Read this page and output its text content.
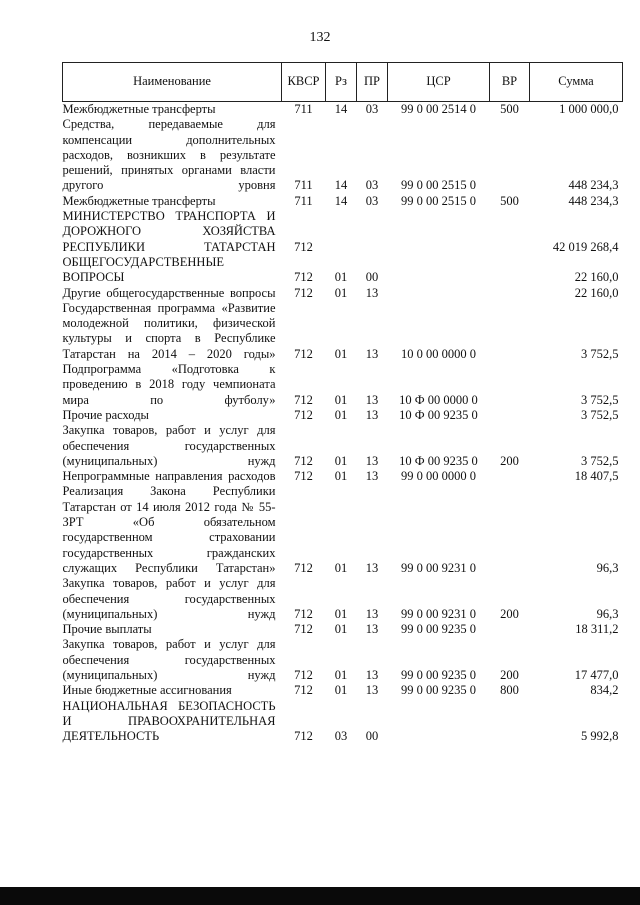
132
Наименование	КВСР	Рз	ПР	ЦСР	ВР	Сумма
Межбюджетные трансферты	711	14	03	99 0 00 2514 0	500	1 000 000,0
Средства, передаваемые для компенсации дополнительных расходов, возникших в результате решений, принятых органами власти другого уровня	711	14	03	99 0 00 2515 0		448 234,3
Межбюджетные трансферты	711	14	03	99 0 00 2515 0	500	448 234,3
МИНИСТЕРСТВО ТРАНСПОРТА И ДОРОЖНОГО ХОЗЯЙСТВА РЕСПУБЛИКИ ТАТАРСТАН	712					42 019 268,4
ОБЩЕГОСУДАРСТВЕННЫЕ ВОПРОСЫ	712	01	00			22 160,0
Другие общегосударственные вопросы	712	01	13			22 160,0
Государственная программа «Развитие молодежной политики, физической культуры и спорта в Республике Татарстан на 2014 – 2020 годы»	712	01	13	10 0 00 0000 0		3 752,5
Подпрограмма «Подготовка к проведению в 2018 году чемпионата мира по футболу»	712	01	13	10 Ф 00 0000 0		3 752,5
Прочие расходы	712	01	13	10 Ф 00 9235 0		3 752,5
Закупка товаров, работ и услуг для обеспечения государственных (муниципальных) нужд	712	01	13	10 Ф 00 9235 0	200	3 752,5
Непрограммные направления расходов	712	01	13	99 0 00 0000 0		18 407,5
Реализация Закона Республики Татарстан от 14 июля 2012 года № 55-ЗРТ «Об обязательном государственном страховании государственных гражданских служащих Республики Татарстан»	712	01	13	99 0 00 9231 0		96,3
Закупка товаров, работ и услуг для обеспечения государственных (муниципальных) нужд	712	01	13	99 0 00 9231 0	200	96,3
Прочие выплаты	712	01	13	99 0 00 9235 0		18 311,2
Закупка товаров, работ и услуг для обеспечения государственных (муниципальных) нужд	712	01	13	99 0 00 9235 0	200	17 477,0
Иные бюджетные ассигнования	712	01	13	99 0 00 9235 0	800	834,2
НАЦИОНАЛЬНАЯ БЕЗОПАСНОСТЬ И ПРАВООХРАНИТЕЛЬНАЯ ДЕЯТЕЛЬНОСТЬ	712	03	00			5 992,8
